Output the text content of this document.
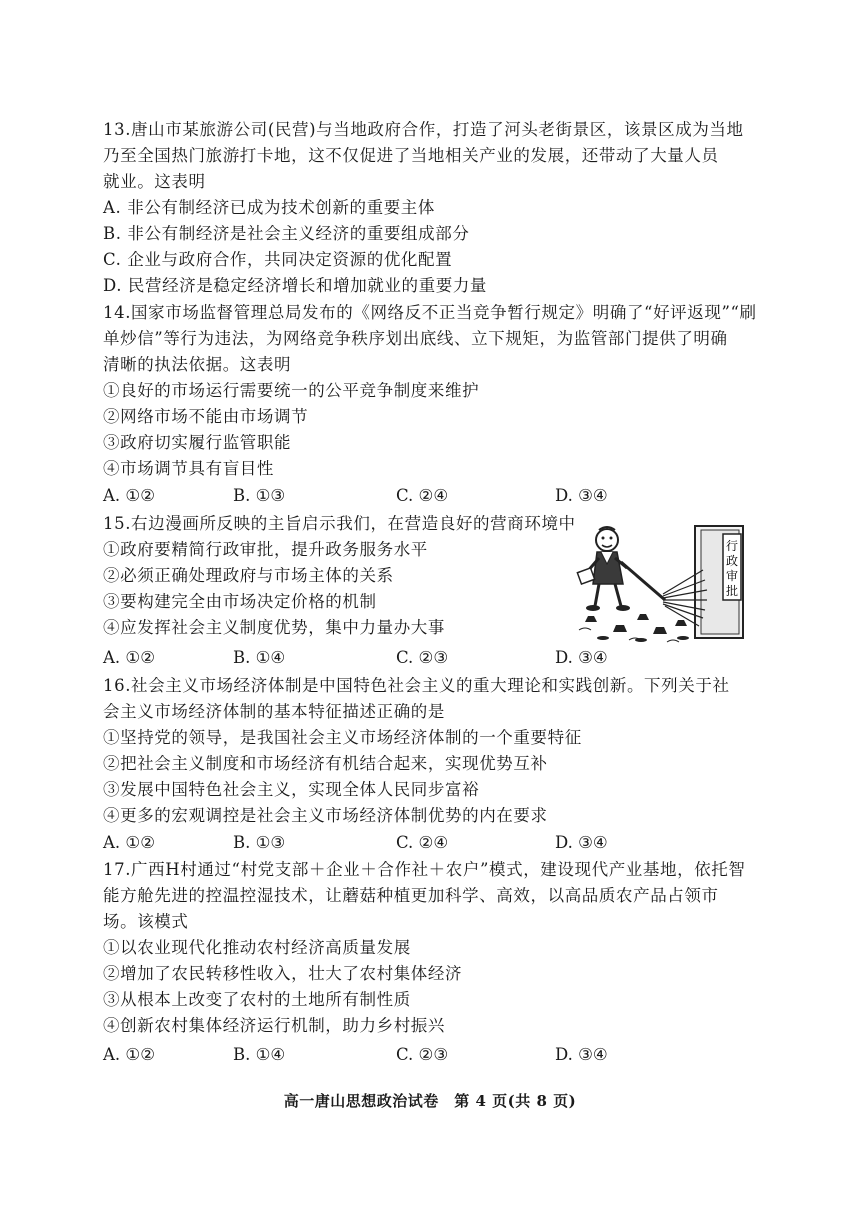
13.唐山市某旅游公司(民营)与当地政府合作，打造了河头老街景区，该景区成为当地
乃至全国热门旅游打卡地，这不仅促进了当地相关产业的发展，还带动了大量人员
就业。这表明
A. 非公有制经济已成为技术创新的重要主体
B. 非公有制经济是社会主义经济的重要组成部分
C. 企业与政府合作，共同决定资源的优化配置
D. 民营经济是稳定经济增长和增加就业的重要力量
14.国家市场监督管理总局发布的《网络反不正当竞争暂行规定》明确了“好评返现”“刷
单炒信”等行为违法，为网络竞争秩序划出底线、立下规矩，为监管部门提供了明确
清晰的执法依据。这表明
①良好的市场运行需要统一的公平竞争制度来维护
②网络市场不能由市场调节
③政府切实履行监管职能
④市场调节具有盲目性
A. ①②	B. ①③	C. ②④	D. ③④
15.右边漫画所反映的主旨启示我们，在营造良好的营商环境中
①政府要精简行政审批，提升政务服务水平
②必须正确处理政府与市场主体的关系
③要构建完全由市场决定价格的机制
④应发挥社会主义制度优势，集中力量办大事
A. ①②	B. ①④	C. ②③	D. ③④
行政审批
16.社会主义市场经济体制是中国特色社会主义的重大理论和实践创新。下列关于社
会主义市场经济体制的基本特征描述正确的是
①坚持党的领导，是我国社会主义市场经济体制的一个重要特征
②把社会主义制度和市场经济有机结合起来，实现优势互补
③发展中国特色社会主义，实现全体人民同步富裕
④更多的宏观调控是社会主义市场经济体制优势的内在要求
A. ①②	B. ①③	C. ②④	D. ③④
17.广西H村通过“村党支部＋企业＋合作社＋农户”模式，建设现代产业基地，依托智
能方舱先进的控温控湿技术，让蘑菇种植更加科学、高效，以高品质农产品占领市
场。该模式
①以农业现代化推动农村经济高质量发展
②增加了农民转移性收入，壮大了农村集体经济
③从根本上改变了农村的土地所有制性质
④创新农村集体经济运行机制，助力乡村振兴
A. ①②	B. ①④	C. ②③	D. ③④
高一唐山思想政治试卷　第 4 页(共 8 页)
